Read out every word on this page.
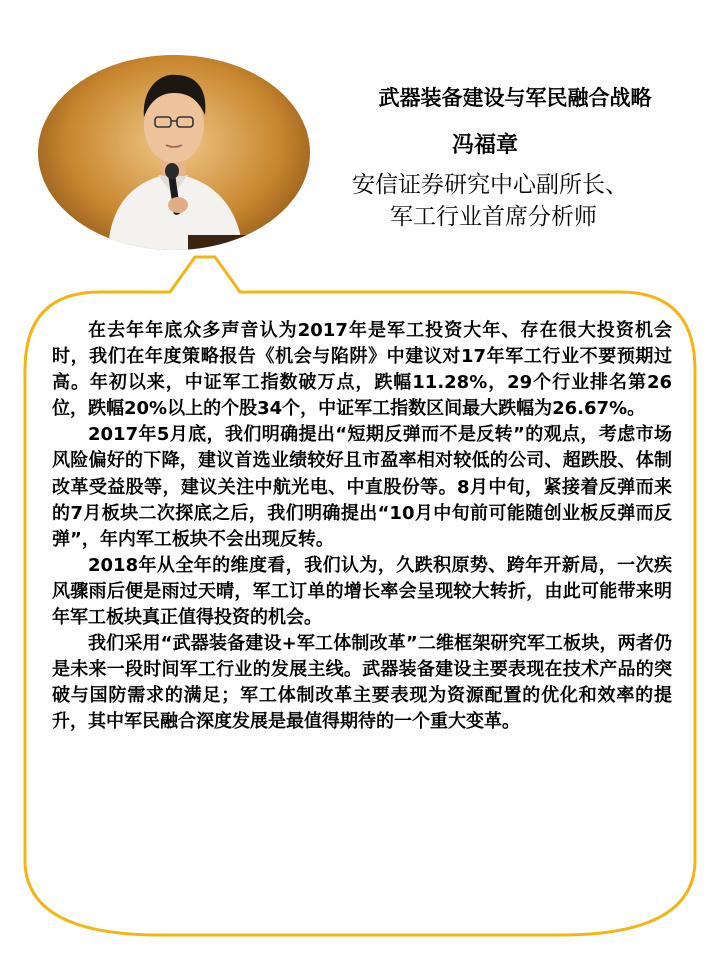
武器装备建设与军民融合战略
冯福章
安信证券研究中心副所长、
军工行业首席分析师

在去年年底众多声音认为2017年是军工投资大年、存在很大投资机会时，我们在年度策略报告《机会与陷阱》中建议对17年军工行业不要预期过高。年初以来，中证军工指数破万点，跌幅11.28%，29个行业排名第26位，跌幅20%以上的个股34个，中证军工指数区间最大跌幅为26.67%。

2017年5月底，我们明确提出“短期反弹而不是反转”的观点，考虑市场风险偏好的下降，建议首选业绩较好且市盈率相对较低的公司、超跌股、体制改革受益股等，建议关注中航光电、中直股份等。8月中旬，紧接着反弹而来的7月板块二次探底之后，我们明确提出“10月中旬前可能随创业板反弹而反弹”，年内军工板块不会出现反转。

2018年从全年的维度看，我们认为，久跌积原势、跨年开新局，一次疾风骤雨后便是雨过天晴，军工订单的增长率会呈现较大转折，由此可能带来明年军工板块真正值得投资的机会。

我们采用“武器装备建设+军工体制改革”二维框架研究军工板块，两者仍是未来一段时间军工行业的发展主线。武器装备建设主要表现在技术产品的突破与国防需求的满足；军工体制改革主要表现为资源配置的优化和效率的提升，其中军民融合深度发展是最值得期待的一个重大变革。
